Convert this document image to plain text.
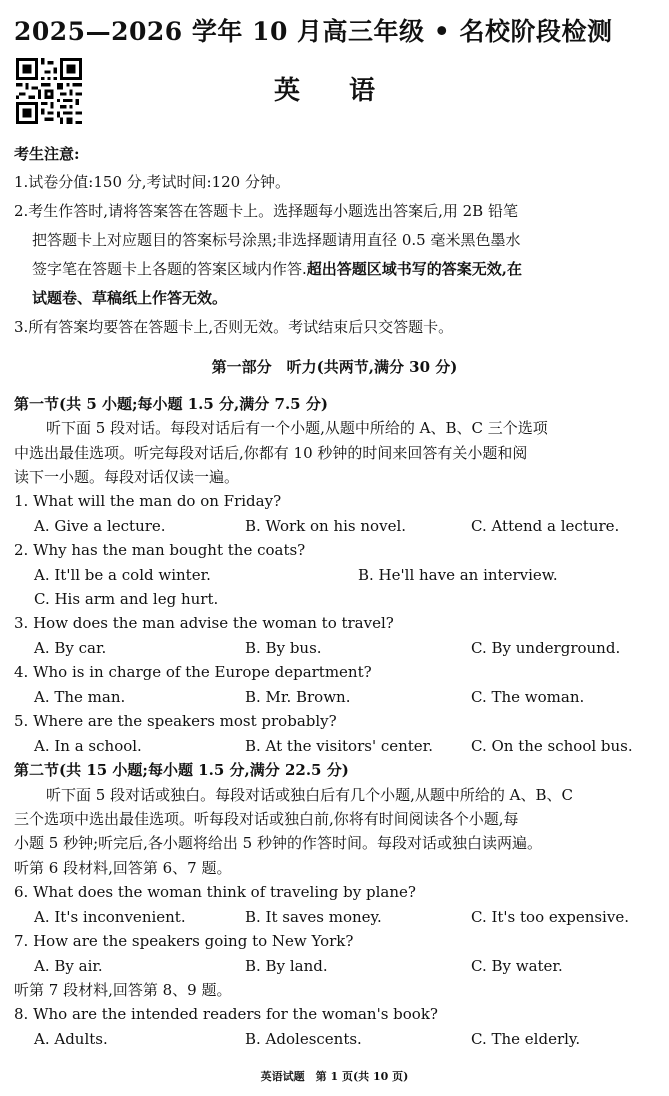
2025—2026 学年 10 月高三年级 • 名校阶段检测
英 语
考生注意:
1.试卷分值:150 分,考试时间:120 分钟。
2.考生作答时,请将答案答在答题卡上。选择题每小题选出答案后,用 2B 铅笔
把答题卡上对应题目的答案标号涂黑;非选择题请用直径 0.5 毫米黑色墨水
签字笔在答题卡上各题的答案区域内作答.超出答题区域书写的答案无效,在
试题卷、草稿纸上作答无效。
3.所有答案均要答在答题卡上,否则无效。考试结束后只交答题卡。
第一部分　听力(共两节,满分 30 分)
第一节(共 5 小题;每小题 1.5 分,满分 7.5 分)
听下面 5 段对话。每段对话后有一个小题,从题中所给的 A、B、C 三个选项
中选出最佳选项。听完每段对话后,你都有 10 秒钟的时间来回答有关小题和阅
读下一小题。每段对话仅读一遍。
1. What will the man do on Friday?
A. Give a lecture.	B. Work on his novel.	C. Attend a lecture.
2. Why has the man bought the coats?
A. It'll be a cold winter.	B. He'll have an interview.
C. His arm and leg hurt.
3. How does the man advise the woman to travel?
A. By car.	B. By bus.	C. By underground.
4. Who is in charge of the Europe department?
A. The man.	B. Mr. Brown.	C. The woman.
5. Where are the speakers most probably?
A. In a school.	B. At the visitors' center.	C. On the school bus.
第二节(共 15 小题;每小题 1.5 分,满分 22.5 分)
听下面 5 段对话或独白。每段对话或独白后有几个小题,从题中所给的 A、B、C
三个选项中选出最佳选项。听每段对话或独白前,你将有时间阅读各个小题,每
小题 5 秒钟;听完后,各小题将给出 5 秒钟的作答时间。每段对话或独白读两遍。
听第 6 段材料,回答第 6、7 题。
6. What does the woman think of traveling by plane?
A. It's inconvenient.	B. It saves money.	C. It's too expensive.
7. How are the speakers going to New York?
A. By air.	B. By land.	C. By water.
听第 7 段材料,回答第 8、9 题。
8. Who are the intended readers for the woman's book?
A. Adults.	B. Adolescents.	C. The elderly.
英语试题　第 1 页(共 10 页)
